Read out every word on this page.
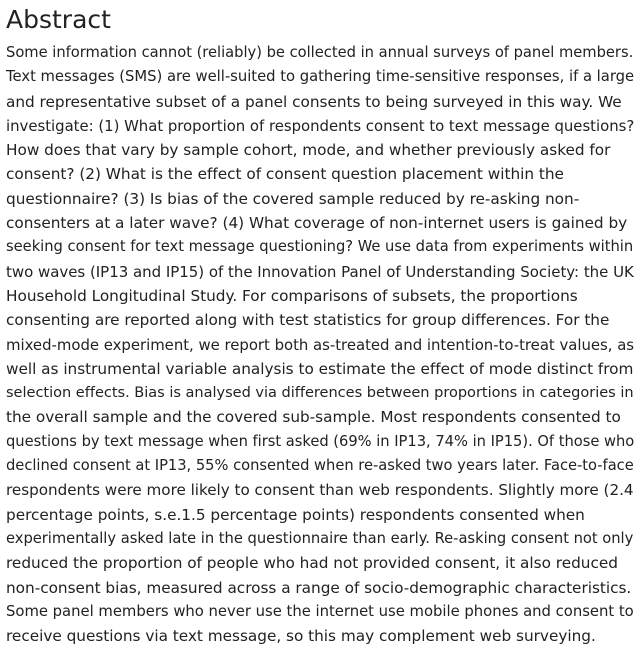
Abstract

Some information cannot (reliably) be collected in annual surveys of panel members.
Text messages (SMS) are well-suited to gathering time-sensitive responses, if a large
and representative subset of a panel consents to being surveyed in this way. We
investigate: (1) What proportion of respondents consent to text message questions?
How does that vary by sample cohort, mode, and whether previously asked for
consent? (2) What is the effect of consent question placement within the
questionnaire? (3) Is bias of the covered sample reduced by re-asking non-
consenters at a later wave? (4) What coverage of non-internet users is gained by
seeking consent for text message questioning? We use data from experiments within
two waves (IP13 and IP15) of the Innovation Panel of Understanding Society: the UK
Household Longitudinal Study. For comparisons of subsets, the proportions
consenting are reported along with test statistics for group differences. For the
mixed-mode experiment, we report both as-treated and intention-to-treat values, as
well as instrumental variable analysis to estimate the effect of mode distinct from
selection effects. Bias is analysed via differences between proportions in categories in
the overall sample and the covered sub-sample. Most respondents consented to
questions by text message when first asked (69% in IP13, 74% in IP15). Of those who
declined consent at IP13, 55% consented when re-asked two years later. Face-to-face
respondents were more likely to consent than web respondents. Slightly more (2.4
percentage points, s.e.1.5 percentage points) respondents consented when
experimentally asked late in the questionnaire than early. Re-asking consent not only
reduced the proportion of people who had not provided consent, it also reduced
non-consent bias, measured across a range of socio-demographic characteristics.
Some panel members who never use the internet use mobile phones and consent to
receive questions via text message, so this may complement web surveying.
